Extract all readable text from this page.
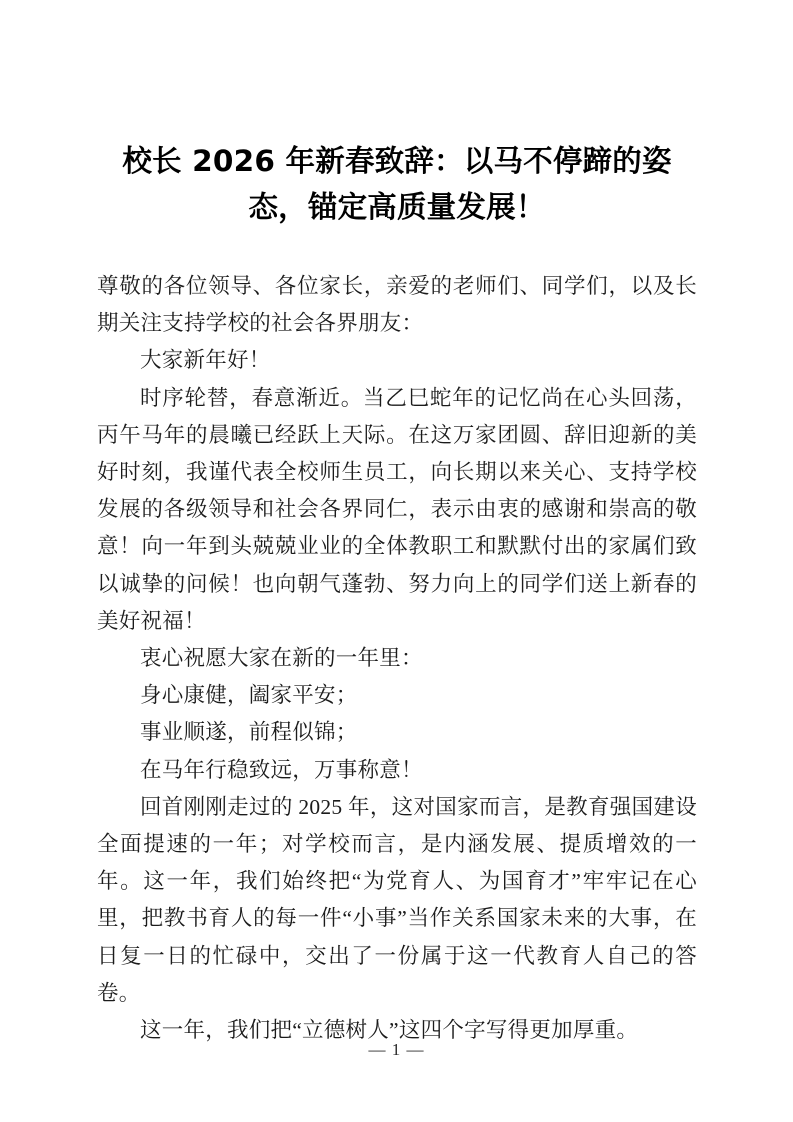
校长 2026 年新春致辞：以马不停蹄的姿
态，锚定高质量发展！

尊敬的各位领导、各位家长，亲爱的老师们、同学们，以及长期关注支持学校的社会各界朋友：

大家新年好！

时序轮替，春意渐近。当乙巳蛇年的记忆尚在心头回荡，丙午马年的晨曦已经跃上天际。在这万家团圆、辞旧迎新的美好时刻，我谨代表全校师生员工，向长期以来关心、支持学校发展的各级领导和社会各界同仁，表示由衷的感谢和崇高的敬意！向一年到头兢兢业业的全体教职工和默默付出的家属们致以诚挚的问候！也向朝气蓬勃、努力向上的同学们送上新春的美好祝福！

衷心祝愿大家在新的一年里：

身心康健，阖家平安；

事业顺遂，前程似锦；

在马年行稳致远，万事称意！

回首刚刚走过的 2025 年，这对国家而言，是教育强国建设全面提速的一年；对学校而言，是内涵发展、提质增效的一年。这一年，我们始终把“为党育人、为国育才”牢牢记在心里，把教书育人的每一件“小事”当作关系国家未来的大事，在日复一日的忙碌中，交出了一份属于这一代教育人自己的答卷。

这一年，我们把“立德树人”这四个字写得更加厚重。

— 1 —
